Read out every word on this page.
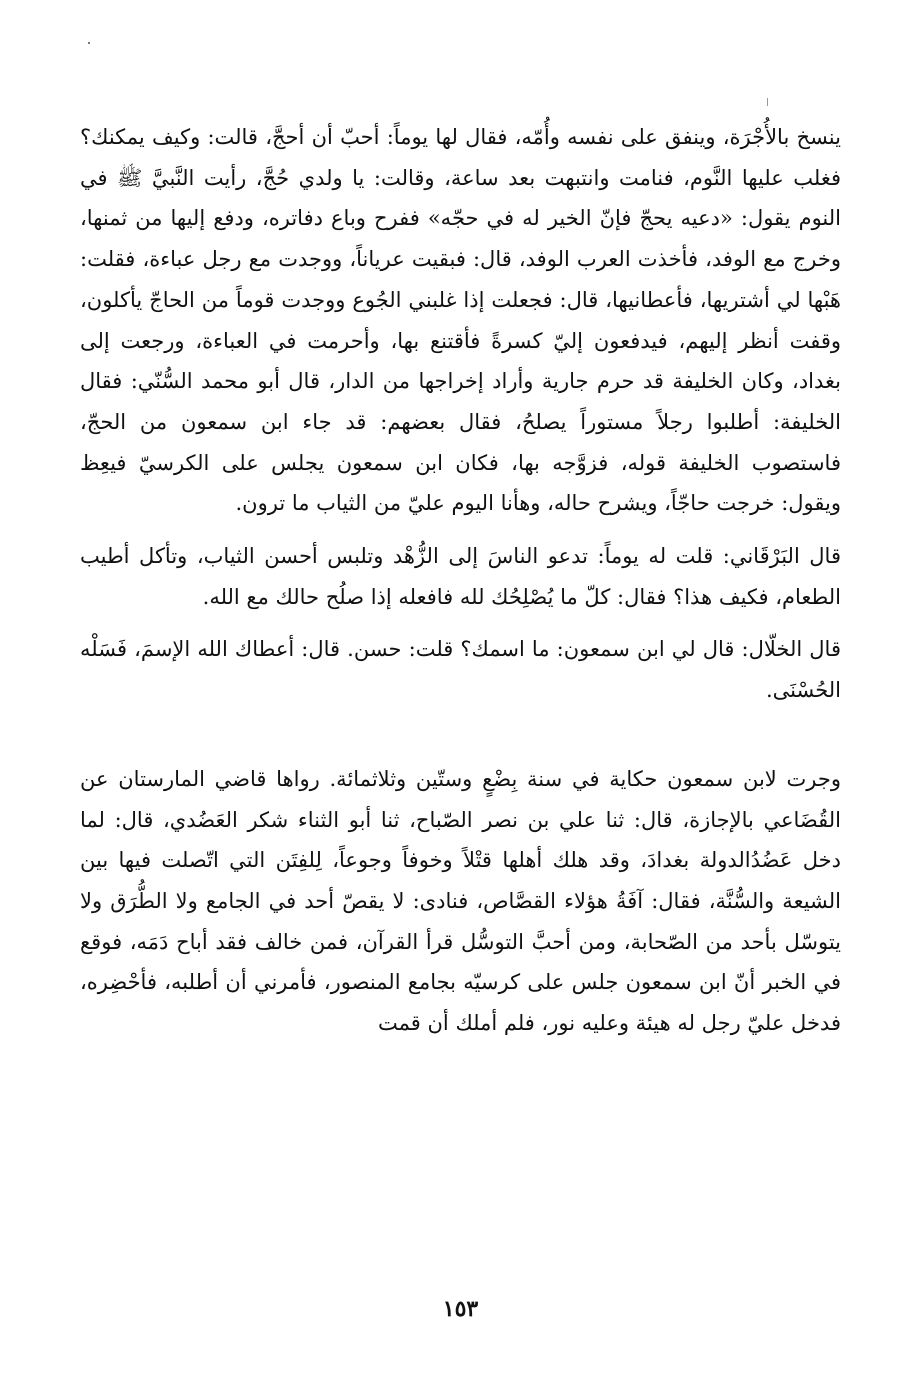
ينسخ بالأُجْرَة، وينفق على نفسه وأُمّه، فقال لها يوماً: أحبّ أن أحجَّ، قالت: وكيف يمكنك؟ فغلب عليها النَّوم، فنامت وانتبهت بعد ساعة، وقالت: يا ولدي حُجَّ، رأيت النَّبيَّ ﷺ في النوم يقول: «دعيه يحجّ فإنّ الخير له في حجّه» ففرح وباع دفاتره، ودفع إليها من ثمنها، وخرج مع الوفد، فأخذت العرب الوفد، قال: فبقيت عرياناً، ووجدت مع رجل عباءة، فقلت: هَبْها لي أشتريها، فأعطانيها، قال: فجعلت إذا غلبني الجُوع ووجدت قوماً من الحاجّ يأكلون، وقفت أنظر إليهم، فيدفعون إليّ كسرةً فأقتنع بها، وأحرمت في العباءة، ورجعت إلى بغداد، وكان الخليفة قد حرم جارية وأراد إخراجها من الدار، قال أبو محمد السُّنّي: فقال الخليفة: أطلبوا رجلاً مستوراً يصلحُ، فقال بعضهم: قد جاء ابن سمعون من الحجّ، فاستصوب الخليفة قوله، فزوَّجه بها، فكان ابن سمعون يجلس على الكرسيّ فيعِظ ويقول: خرجت حاجّاً، ويشرح حاله، وهأنا اليوم عليّ من الثياب ما ترون.

قال البَرْقَاني: قلت له يوماً: تدعو الناسَ إلى الزُّهْد وتلبس أحسن الثياب، وتأكل أطيب الطعام، فكيف هذا؟ فقال: كلّ ما يُصْلِحُك لله فافعله إذا صلُح حالك مع الله.

قال الخلّال: قال لي ابن سمعون: ما اسمك؟ قلت: حسن. قال: أعطاك الله الإسمَ، فَسَلْه الحُسْنَى.

وجرت لابن سمعون حكاية في سنة بِضْعٍ وستّين وثلاثمائة. رواها قاضي المارستان عن القُضَاعي بالإجازة، قال: ثنا علي بن نصر الصّباح، ثنا أبو الثناء شكر العَضُدي، قال: لما دخل عَضُدُالدولة بغدادَ، وقد هلك أهلها قتْلاً وخوفاً وجوعاً، لِلفِتَن التي اتّصلت فيها بين الشيعة والسُّنَّة، فقال: آفَةُ هؤلاء القصَّاص، فنادى: لا يقصّ أحد في الجامع ولا الطُّرَق ولا يتوسّل بأحد من الصّحابة، ومن أحبَّ التوسُّل قرأ القرآن، فمن خالف فقد أباح دَمَه، فوقع في الخبر أنّ ابن سمعون جلس على كرسيّه بجامع المنصور، فأمرني أن أطلبه، فأحْضِره، فدخل عليّ رجل له هيئة وعليه نور، فلم أملك أن قمت

١٥٣
